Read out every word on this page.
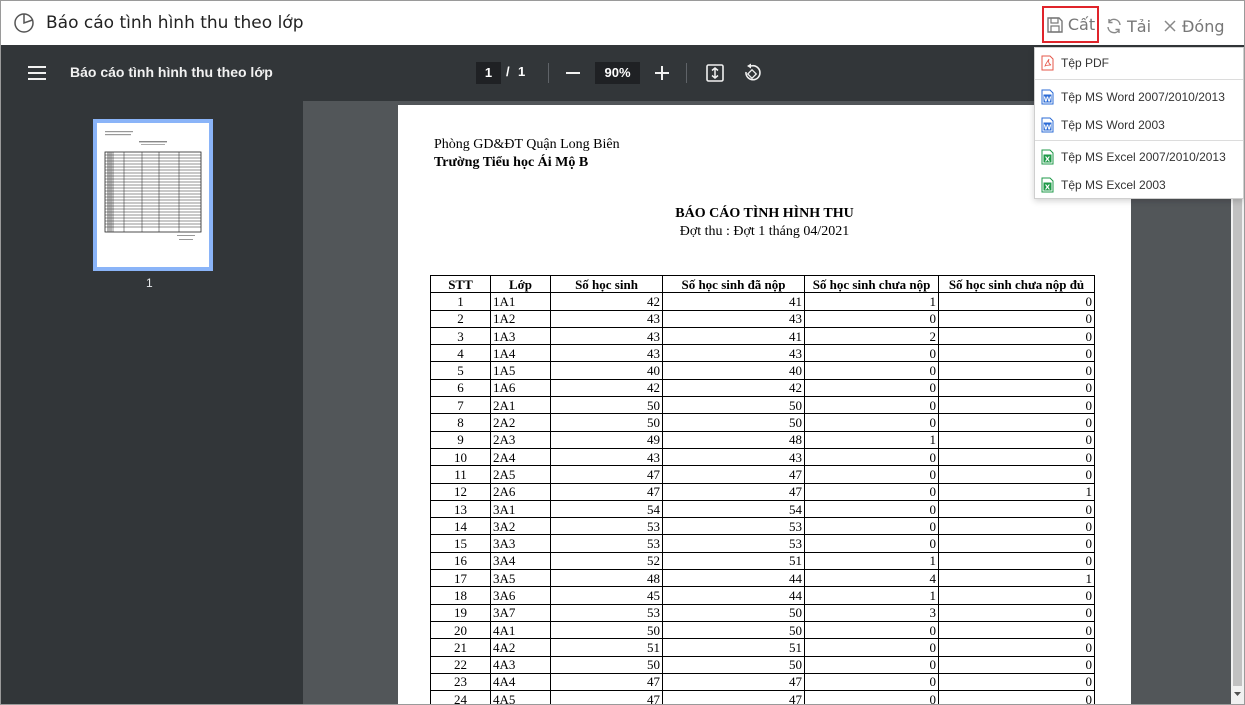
Báo cáo tình hình thu theo lớp	Cất Tải Đóng
Báo cáo tình hình thu theo lớp	1	/ 1	90%
1
Phòng GD&ĐT Quận Long Biên
Trường Tiểu học Ái Mộ B
BÁO CÁO TÌNH HÌNH THU
Đợt thu : Đợt 1 tháng 04/2021
STT	Lớp	Số học sinh	Số học sinh đã nộp	Số học sinh chưa nộp	Số học sinh chưa nộp đủ
1	1A1	42	41	1	0
2	1A2	43	43	0	0
3	1A3	43	41	2	0
4	1A4	43	43	0	0
5	1A5	40	40	0	0
6	1A6	42	42	0	0
7	2A1	50	50	0	0
8	2A2	50	50	0	0
9	2A3	49	48	1	0
10	2A4	43	43	0	0
11	2A5	47	47	0	0
12	2A6	47	47	0	1
13	3A1	54	54	0	0
14	3A2	53	53	0	0
15	3A3	53	53	0	0
16	3A4	52	51	1	0
17	3A5	48	44	4	1
18	3A6	45	44	1	0
19	3A7	53	50	3	0
20	4A1	50	50	0	0
21	4A2	51	51	0	0
22	4A3	50	50	0	0
23	4A4	47	47	0	0
24	4A5	47	47	0	0
Tệp PDF
W Tệp MS Word 2007/2010/2013
W Tệp MS Word 2003
X Tệp MS Excel 2007/2010/2013
X Tệp MS Excel 2003
